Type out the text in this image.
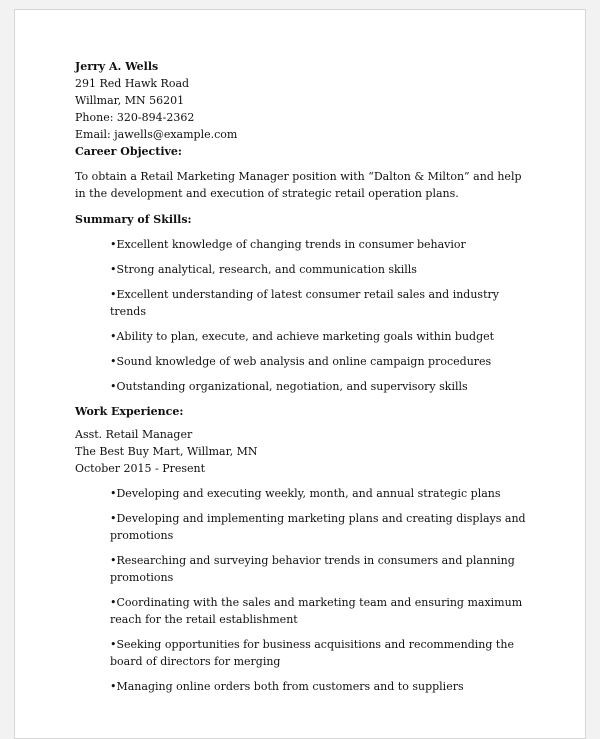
Jerry A. Wells
291 Red Hawk Road
Willmar, MN 56201
Phone: 320-894-2362
Email: jawells@example.com
Career Objective:
To obtain a Retail Marketing Manager position with “Dalton & Milton” and help in the development and execution of strategic retail operation plans.
Summary of Skills:
•Excellent knowledge of changing trends in consumer behavior
•Strong analytical, research, and communication skills
•Excellent understanding of latest consumer retail sales and industry trends
•Ability to plan, execute, and achieve marketing goals within budget
•Sound knowledge of web analysis and online campaign procedures
•Outstanding organizational, negotiation, and supervisory skills
Work Experience:
Asst. Retail Manager
The Best Buy Mart, Willmar, MN
October 2015 - Present
•Developing and executing weekly, month, and annual strategic plans
•Developing and implementing marketing plans and creating displays and promotions
•Researching and surveying behavior trends in consumers and planning promotions
•Coordinating with the sales and marketing team and ensuring maximum reach for the retail establishment
•Seeking opportunities for business acquisitions and recommending the board of directors for merging
•Managing online orders both from customers and to suppliers
